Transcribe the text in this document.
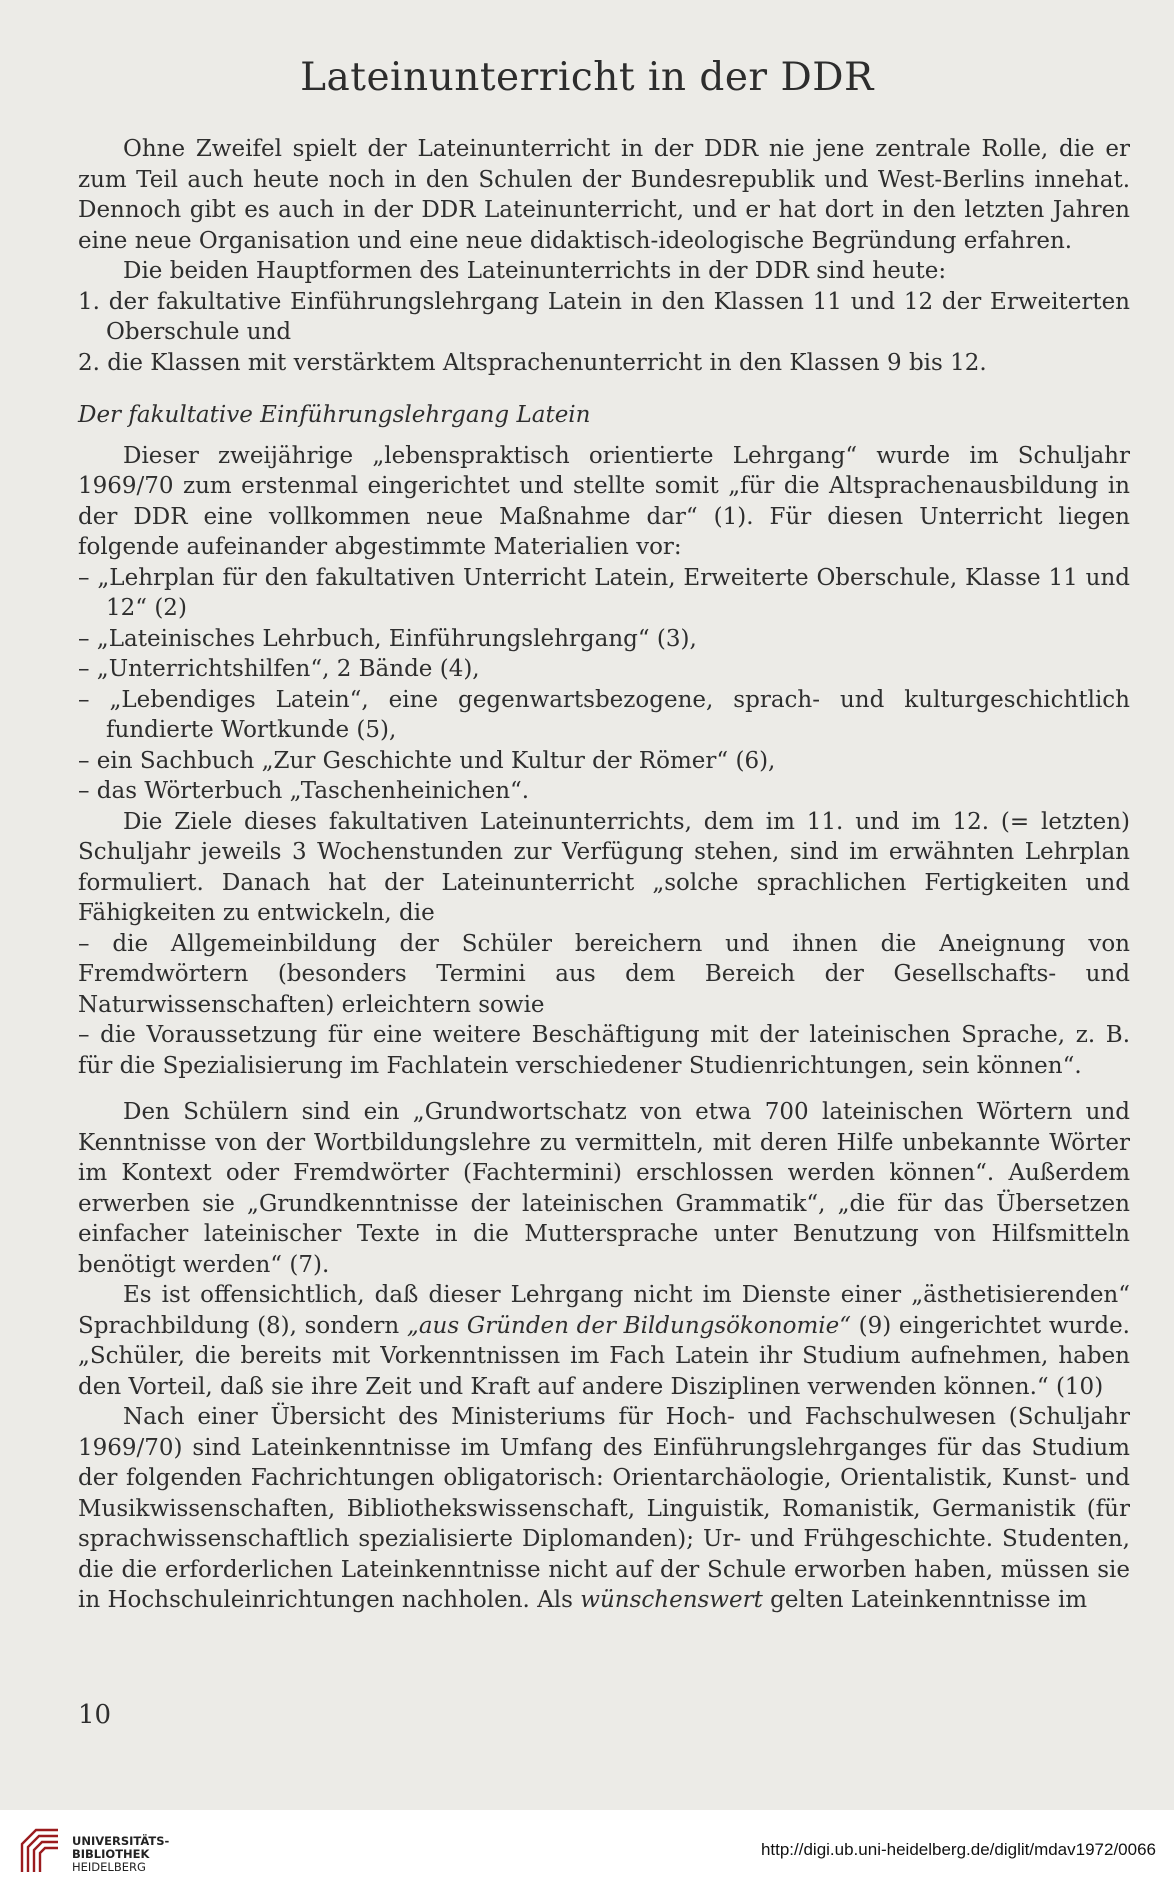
Lateinunterricht in der DDR

Ohne Zweifel spielt der Lateinunterricht in der DDR nie jene zentrale Rolle, die er zum Teil auch heute noch in den Schulen der Bundesrepublik und West-Berlins innehat. Dennoch gibt es auch in der DDR Lateinunterricht, und er hat dort in den letzten Jahren eine neue Organisation und eine neue didaktisch-ideologische Begründung erfahren.

Die beiden Hauptformen des Lateinunterrichts in der DDR sind heute:

1. der fakultative Einführungslehrgang Latein in den Klassen 11 und 12 der Erweiterten Oberschule und

2. die Klassen mit verstärktem Altsprachenunterricht in den Klassen 9 bis 12.

Der fakultative Einführungslehrgang Latein

Dieser zweijährige „lebenspraktisch orientierte Lehrgang“ wurde im Schuljahr 1969/70 zum erstenmal eingerichtet und stellte somit „für die Altsprachenausbildung in der DDR eine vollkommen neue Maßnahme dar“ (1). Für diesen Unterricht liegen folgende aufeinander abgestimmte Materialien vor:

– „Lehrplan für den fakultativen Unterricht Latein, Erweiterte Oberschule, Klasse 11 und 12“ (2)

– „Lateinisches Lehrbuch, Einführungslehrgang“ (3),

– „Unterrichtshilfen“, 2 Bände (4),

– „Lebendiges Latein“, eine gegenwartsbezogene, sprach- und kulturgeschichtlich fundierte Wortkunde (5),

– ein Sachbuch „Zur Geschichte und Kultur der Römer“ (6),

– das Wörterbuch „Taschenheinichen“.

Die Ziele dieses fakultativen Lateinunterrichts, dem im 11. und im 12. (= letzten) Schuljahr jeweils 3 Wochenstunden zur Verfügung stehen, sind im erwähnten Lehrplan formuliert. Danach hat der Lateinunterricht „solche sprachlichen Fertigkeiten und Fähigkeiten zu entwickeln, die

– die Allgemeinbildung der Schüler bereichern und ihnen die Aneignung von Fremdwörtern (besonders Termini aus dem Bereich der Gesellschafts- und Naturwissenschaften) erleichtern sowie

– die Voraussetzung für eine weitere Beschäftigung mit der lateinischen Sprache, z. B. für die Spezialisierung im Fachlatein verschiedener Studienrichtungen, sein können“.

Den Schülern sind ein „Grundwortschatz von etwa 700 lateinischen Wörtern und Kenntnisse von der Wortbildungslehre zu vermitteln, mit deren Hilfe unbekannte Wörter im Kontext oder Fremdwörter (Fachtermini) erschlossen werden können“. Außerdem erwerben sie „Grundkenntnisse der lateinischen Grammatik“, „die für das Übersetzen einfacher lateinischer Texte in die Muttersprache unter Benutzung von Hilfsmitteln benötigt werden“ (7).

Es ist offensichtlich, daß dieser Lehrgang nicht im Dienste einer „ästhetisierenden“ Sprachbildung (8), sondern „aus Gründen der Bildungsökonomie“ (9) eingerichtet wurde. „Schüler, die bereits mit Vorkenntnissen im Fach Latein ihr Studium aufnehmen, haben den Vorteil, daß sie ihre Zeit und Kraft auf andere Disziplinen verwenden können.“ (10)

Nach einer Übersicht des Ministeriums für Hoch- und Fachschulwesen (Schuljahr 1969/70) sind Lateinkenntnisse im Umfang des Einführungslehrganges für das Studium der folgenden Fachrichtungen obligatorisch: Orientarchäologie, Orientalistik, Kunst- und Musikwissenschaften, Bibliothekswissenschaft, Linguistik, Romanistik, Germanistik (für sprachwissenschaftlich spezialisierte Diplomanden); Ur- und Frühgeschichte. Studenten, die die erforderlichen Lateinkenntnisse nicht auf der Schule erworben haben, müssen sie in Hochschuleinrichtungen nachholen. Als wünschenswert gelten Lateinkenntnisse im

10
UNIVERSITÄTS-
BIBLIOTHEK
HEIDELBERG
http://digi.ub.uni-heidelberg.de/diglit/mdav1972/0066
